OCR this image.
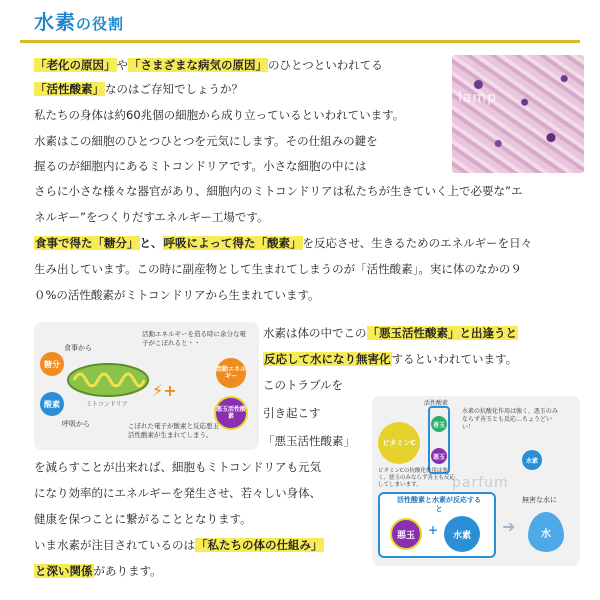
水素の役割
lamp
「老化の原因」や「さまざまな病気の原因」のひとつといわれてる
「活性酸素」なのはご存知でしょうか？
私たちの身体は約60兆個の細胞から成り立っているといわれています。
水素はこの細胞のひとつひとつを元気にします。その仕組みの鍵を
握るのが細胞内にあるミトコンドリアです。小さな細胞の中には
さらに小さな様々な器官があり、細胞内のミトコンドリアは私たちが生きていく上で必要な”エ
ネルギー”をつくりだすエネルギー工場です。
食事で得た「糖分」と、呼吸によって得た「酸素」を反応させ、生きるためのエネルギーを日々
生み出しています。この時に副産物として生まれてしまうのが「活性酸素」。実に体のなかの９
０%の活性酸素がミトコンドリアから生まれています。
食事から
糖分
酸素
呼吸から
ミトコンドリア
活動エネルギーを造る時に余分な電子がこぼれると・・
活動エネルギー
⚡+
悪玉活性酸素
こぼれた電子が酸素と反応悪玉活性酸素が生まれてしまう。
水素は体の中でこの「悪玉活性酸素」と出逢うと
反応して水になり無害化するといわれています。
このトラブルを
引き起こす
「悪玉活性酸素」
を減らすことが出来れば、細胞もミトコンドリアも元気
になり効率的にエネルギーを発生させ、若々しい身体、
健康を保つことに繋がることとなります。
いま水素が注目されているのは「私たちの体の仕組み」
と深い関係があります。
ビタミンC
活性酸素
善玉
悪玉
水素の抗酸化作用は強く、悪玉のみならず善玉とも反応…ちょうどいい！
水素
ビタミンCの抗酸化作用は強く、悪玉のみならず善玉も反応してしまいます。
活性酸素と水素が反応すると
悪玉	+	水素	➜
無害な水に
水
parfum
